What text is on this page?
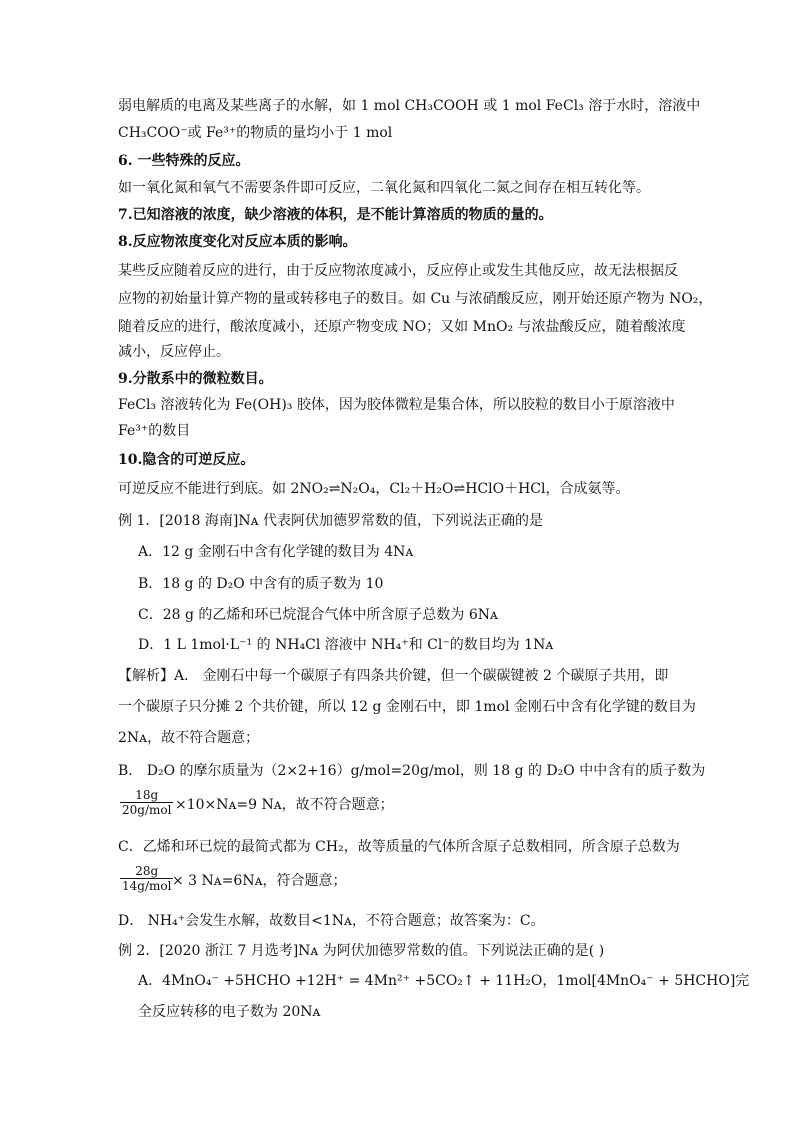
弱电解质的电离及某些离子的水解，如 1 mol CH₃COOH 或 1 mol FeCl₃ 溶于水时，溶液中
CH₃COO⁻或 Fe³⁺的物质的量均小于 1 mol
6. 一些特殊的反应。
如一氧化氮和氧气不需要条件即可反应，二氧化氮和四氧化二氮之间存在相互转化等。
7.已知溶液的浓度，缺少溶液的体积，是不能计算溶质的物质的量的。
8.反应物浓度变化对反应本质的影响。
某些反应随着反应的进行，由于反应物浓度减小，反应停止或发生其他反应，故无法根据反
应物的初始量计算产物的量或转移电子的数目。如 Cu 与浓硝酸反应，刚开始还原产物为 NO₂，
随着反应的进行，酸浓度减小，还原产物变成 NO；又如 MnO₂ 与浓盐酸反应，随着酸浓度
减小，反应停止。
9.分散系中的微粒数目。
FeCl₃ 溶液转化为 Fe(OH)₃ 胶体，因为胶体微粒是集合体，所以胶粒的数目小于原溶液中
Fe³⁺的数目
10.隐含的可逆反应。
可逆反应不能进行到底。如 2NO₂⇌N₂O₄，Cl₂＋H₂O⇌HClO＋HCl，合成氨等。
例 1．[2018 海南]Nᴀ 代表阿伏加德罗常数的值，下列说法正确的是
A．12 g 金刚石中含有化学键的数目为 4Nᴀ
B．18 g 的 D₂O 中含有的质子数为 10
C．28 g 的乙烯和环已烷混合气体中所含原子总数为 6Nᴀ
D．1 L 1mol·L⁻¹ 的 NH₄Cl 溶液中 NH₄⁺和 Cl⁻的数目均为 1Nᴀ
【解析】A． 金刚石中每一个碳原子有四条共价键，但一个碳碳键被 2 个碳原子共用，即
一个碳原子只分摊 2 个共价键，所以 12 g 金刚石中，即 1mol 金刚石中含有化学键的数目为
2Nᴀ，故不符合题意；
B． D₂O 的摩尔质量为（2×2+16）g/mol=20g/mol，则 18 g 的 D₂O 中中含有的质子数为
18g
20g/mol ×10×Nᴀ=9 Nᴀ，故不符合题意；
C．乙烯和环已烷的最简式都为 CH₂，故等质量的气体所含原子总数相同，所含原子总数为
28g
14g/mol × 3 Nᴀ=6Nᴀ，符合题意；
D． NH₄⁺会发生水解，故数目<1Nᴀ，不符合题意；故答案为：C。
例 2．[2020 浙江 7 月选考]Nᴀ 为阿伏加德罗常数的值。下列说法正确的是( )
A．4MnO₄⁻ +5HCHO +12H⁺ = 4Mn²⁺ +5CO₂↑ + 11H₂O，1mol[4MnO₄⁻ + 5HCHO]完
全反应转移的电子数为 20Nᴀ
